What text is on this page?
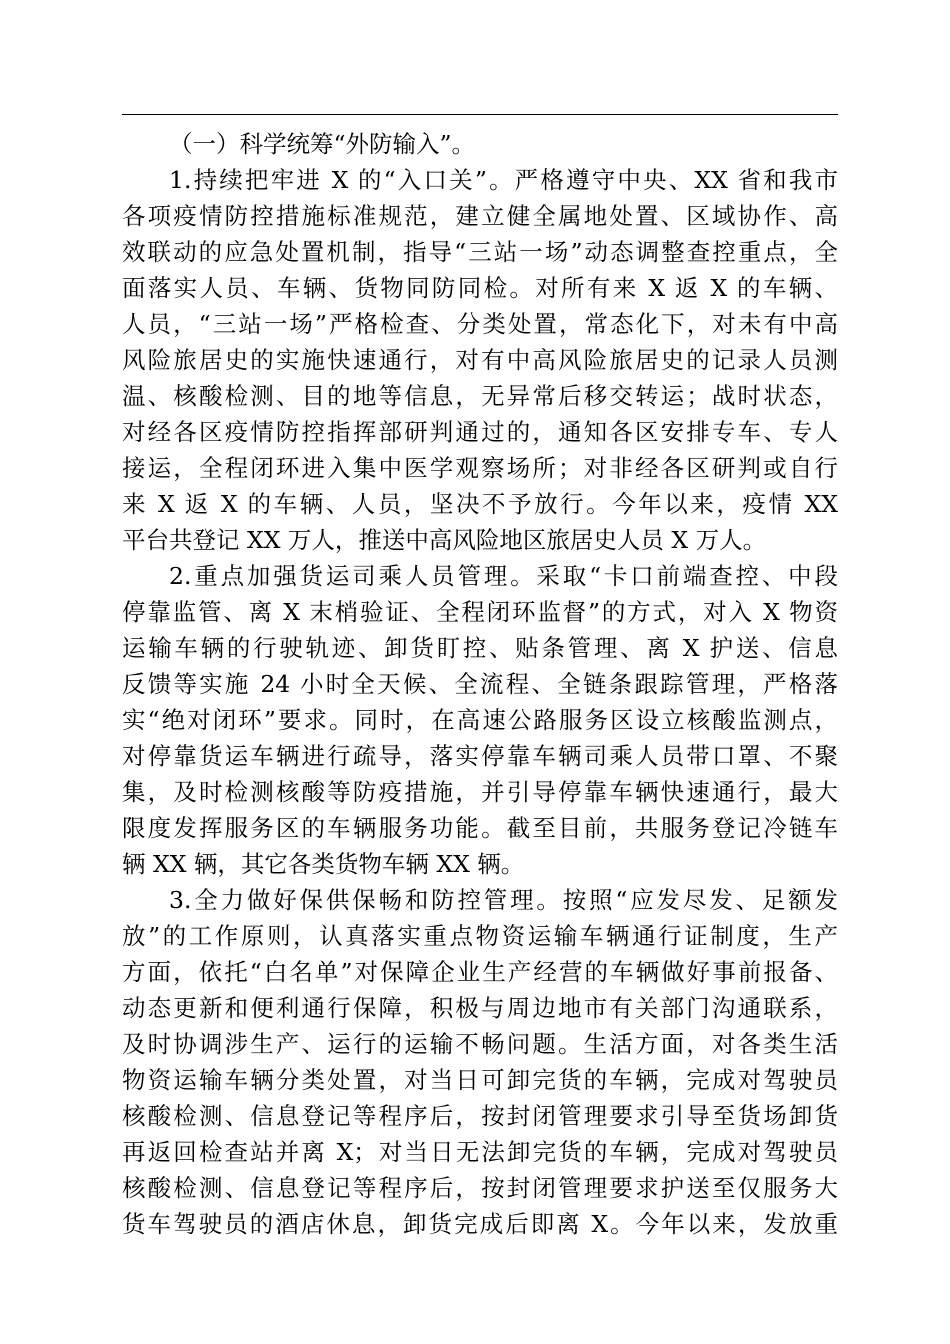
（一）科学统筹“外防输入”。
1.持续把牢进 X 的“入口关”。严格遵守中央、XX 省和我市
各项疫情防控措施标准规范，建立健全属地处置、区域协作、高
效联动的应急处置机制，指导“三站一场”动态调整查控重点，全
面落实人员、车辆、货物同防同检。对所有来 X 返 X 的车辆、
人员，“三站一场”严格检查、分类处置，常态化下，对未有中高
风险旅居史的实施快速通行，对有中高风险旅居史的记录人员测
温、核酸检测、目的地等信息，无异常后移交转运；战时状态，
对经各区疫情防控指挥部研判通过的，通知各区安排专车、专人
接运，全程闭环进入集中医学观察场所；对非经各区研判或自行
来 X 返 X 的车辆、人员，坚决不予放行。今年以来，疫情 XX
平台共登记 XX 万人，推送中高风险地区旅居史人员 X 万人。
2.重点加强货运司乘人员管理。采取“卡口前端查控、中段
停靠监管、离 X 末梢验证、全程闭环监督”的方式，对入 X 物资
运输车辆的行驶轨迹、卸货盯控、贴条管理、离 X 护送、信息
反馈等实施 24 小时全天候、全流程、全链条跟踪管理，严格落
实“绝对闭环”要求。同时，在高速公路服务区设立核酸监测点，
对停靠货运车辆进行疏导，落实停靠车辆司乘人员带口罩、不聚
集，及时检测核酸等防疫措施，并引导停靠车辆快速通行，最大
限度发挥服务区的车辆服务功能。截至目前，共服务登记冷链车
辆 XX 辆，其它各类货物车辆 XX 辆。
3.全力做好保供保畅和防控管理。按照“应发尽发、足额发
放”的工作原则，认真落实重点物资运输车辆通行证制度，生产
方面，依托“白名单”对保障企业生产经营的车辆做好事前报备、
动态更新和便利通行保障，积极与周边地市有关部门沟通联系，
及时协调涉生产、运行的运输不畅问题。生活方面，对各类生活
物资运输车辆分类处置，对当日可卸完货的车辆，完成对驾驶员
核酸检测、信息登记等程序后，按封闭管理要求引导至货场卸货
再返回检查站并离 X；对当日无法卸完货的车辆，完成对驾驶员
核酸检测、信息登记等程序后，按封闭管理要求护送至仅服务大
货车驾驶员的酒店休息，卸货完成后即离 X。今年以来，发放重
